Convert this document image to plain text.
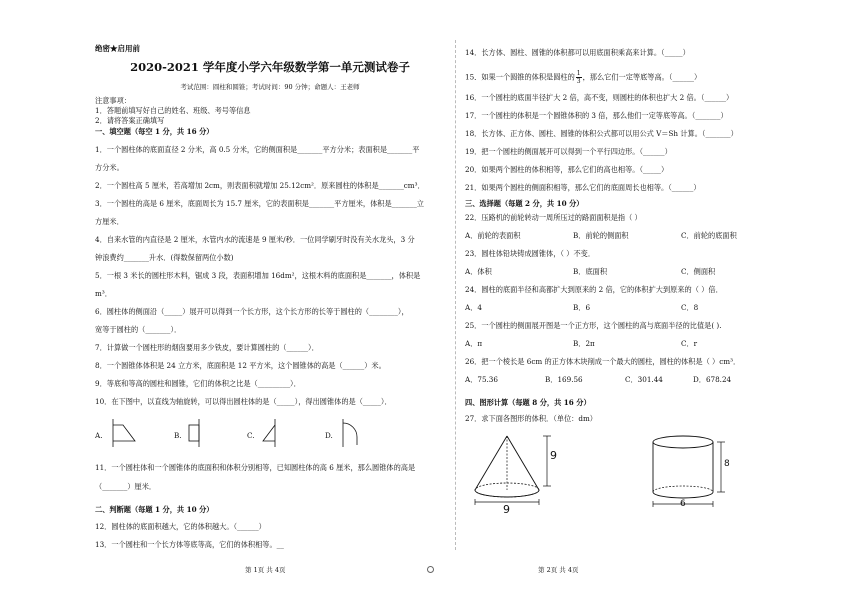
绝密★启用前
2020-2021 学年度小学六年级数学第一单元测试卷子
考试范围：圆柱和圆锥；考试时间：90 分钟；命题人：王老师
注意事项：
1．答题前填写好自己的姓名、班级、考号等信息
2．请将答案正确填写
一、填空题（每空 1 分，共 16 分）
1．一个圆柱体的底面直径 2 分米，高 0.5 分米，它的侧面积是_______平方分米；表面积是_______平
方分米。
2．一个圆柱高 5 厘米，若高增加 2cm，则表面积就增加 25.12cm²．原来圆柱的体积是_______cm³．
3．一个圆柱的高是 6 厘米，底面周长为 15.7 厘米，它的表面积是_______平方厘米，体积是_______立
方厘米．
4．自来水管的内直径是 2 厘米，水管内水的流速是 9 厘米/秒．一位同学刷牙时没有关水龙头，3 分
钟浪费约_______升水．(得数保留两位小数)
5．一根 3 米长的圆柱形木料，锯成 3 段，表面积增加 16dm²，这根木料的底面积是_______，体积是
m³．
6．圆柱体的侧面沿（_____）展开可以得到一个长方形，这个长方形的长等于圆柱的（________），
宽等于圆柱的（_______）．
7．计算做一个圆柱形的烟囱要用多少铁皮，要计算圆柱的（______）．
8．一个圆锥体体积是 24 立方米，底面积是 12 平方米，这个圆锥体的高是（______）米。
9．等底和等高的圆柱和圆锥，它们的体积之比是（_________）．
10．在下图中，以直线为轴旋转，可以得出圆柱体的是（_____），得出圆锥体的是（_____）．
A.	B.	C.	D.
11．一个圆柱体和一个圆锥体的底面积和体积分别相等，已知圆柱体的高 6 厘米，那么圆锥体的高是
（_______）厘米．
二、判断题（每题 1 分，共 10 分）
12．圆柱体的底面积越大，它的体积越大。（______）
13．一个圆柱和一个长方体等底等高，它们的体积相等。__
14．长方体、圆柱、圆锥的体积都可以用底面积乘高来计算。（_____）
15．如果一个圆锥的体积是圆柱的 $\frac{1}{3}$ ，那么它们一定等底等高。（______）
16．一个圆柱的底面半径扩大 2 倍，高不变，则圆柱的体积也扩大 2 倍。（______）
17．一个圆柱的体积是一个圆锥体积的 3 倍，那么他们一定等底等高。（_______）
18．长方体、正方体、圆柱、圆锥的体积公式都可以用公式 V＝Sh 计算。（_______）
19．把一个圆柱的侧面展开可以得到一个平行四边形。（______）
20．如果两个圆柱的体积相等，那么它们的高也相等。（_____）
21．如果两个圆柱的侧面积相等，那么它们的底面周长也相等。（______）
三、选择题（每题 2 分，共 10 分）
22．压路机的前轮转动一周所压过的路面面积是指（ ）
A．前轮的表面积	B．前轮的侧面积	C．前轮的底面积
23．圆柱体铅块铸成圆锥体，（ ）不变．
A．体积	B．底面积	C．侧面积
24．圆柱的底面半径和高都扩大到原来的 2 倍，它的体积扩大到原来的（ ）倍．
A．4	B．6	C．8
25．一个圆柱的侧面展开图是一个正方形，这个圆柱的高与底面半径的比值是( ).
A．π	B．2π	C．r
26．把一个棱长是 6cm 的正方体木块削成一个最大的圆柱，圆柱的体积是（ ）cm³．
A．75.36	B．169.56	C．301.44	D．678.24
四、图形计算（每题 8 分，共 16 分）
27．求下面各图形的体积．（单位：dm）
9
9
8
6
第 1页 共 4页	第 2页 共 4页
